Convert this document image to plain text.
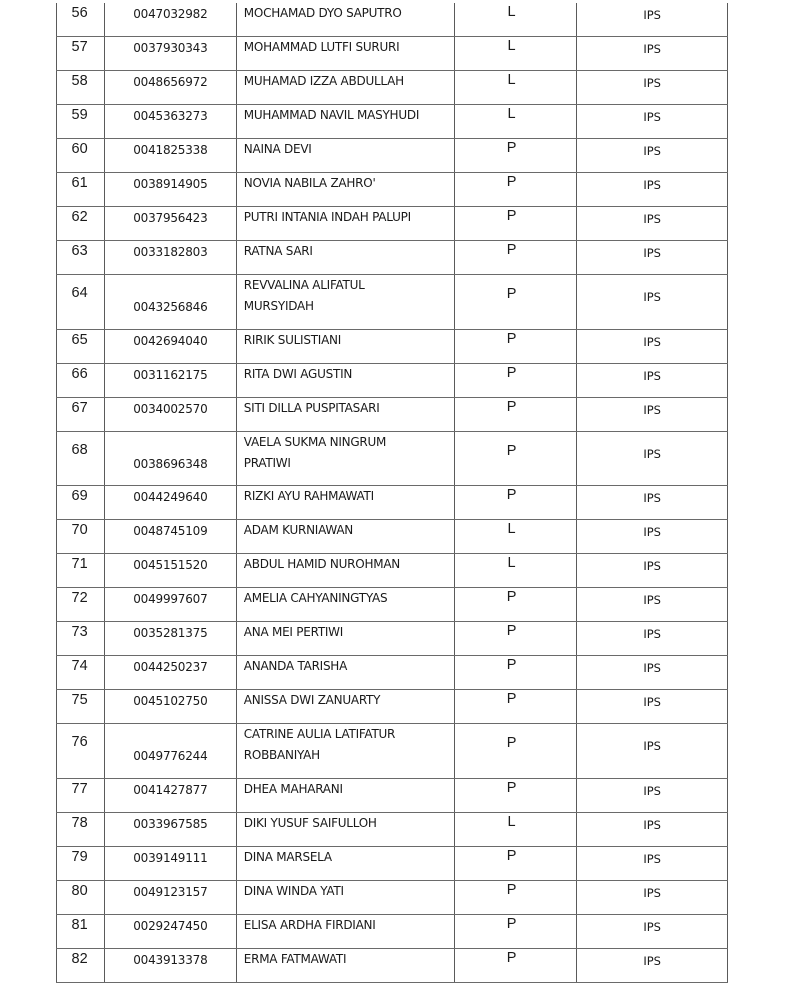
56	0047032982	MOCHAMAD DYO SAPUTRO	L	IPS

57	0037930343	MOHAMMAD LUTFI SURURI	L	IPS

58	0048656972	MUHAMAD IZZA ABDULLAH	L	IPS

59	0045363273	MUHAMMAD NAVIL MASYHUDI	L	IPS

60	0041825338	NAINA DEVI	P	IPS

61	0038914905	NOVIA NABILA ZAHRO'	P	IPS

62	0037956423	PUTRI INTANIA INDAH PALUPI	P	IPS

63	0033182803	RATNA SARI	P	IPS

64	0043256846	REVVALINA ALIFATUL
MURSYIDAH	P	IPS

65	0042694040	RIRIK SULISTIANI	P	IPS

66	0031162175	RITA DWI AGUSTIN	P	IPS

67	0034002570	SITI DILLA PUSPITASARI	P	IPS

68	0038696348	VAELA SUKMA NINGRUM
PRATIWI	P	IPS

69	0044249640	RIZKI AYU RAHMAWATI	P	IPS

70	0048745109	ADAM KURNIAWAN	L	IPS

71	0045151520	ABDUL HAMID NUROHMAN	L	IPS

72	0049997607	AMELIA CAHYANINGTYAS	P	IPS

73	0035281375	ANA MEI PERTIWI	P	IPS

74	0044250237	ANANDA TARISHA	P	IPS

75	0045102750	ANISSA DWI ZANUARTY	P	IPS

76	0049776244	CATRINE AULIA LATIFATUR
ROBBANIYAH	P	IPS

77	0041427877	DHEA MAHARANI	P	IPS

78	0033967585	DIKI YUSUF SAIFULLOH	L	IPS

79	0039149111	DINA MARSELA	P	IPS

80	0049123157	DINA WINDA YATI	P	IPS

81	0029247450	ELISA ARDHA FIRDIANI	P	IPS

82	0043913378	ERMA FATMAWATI	P	IPS
